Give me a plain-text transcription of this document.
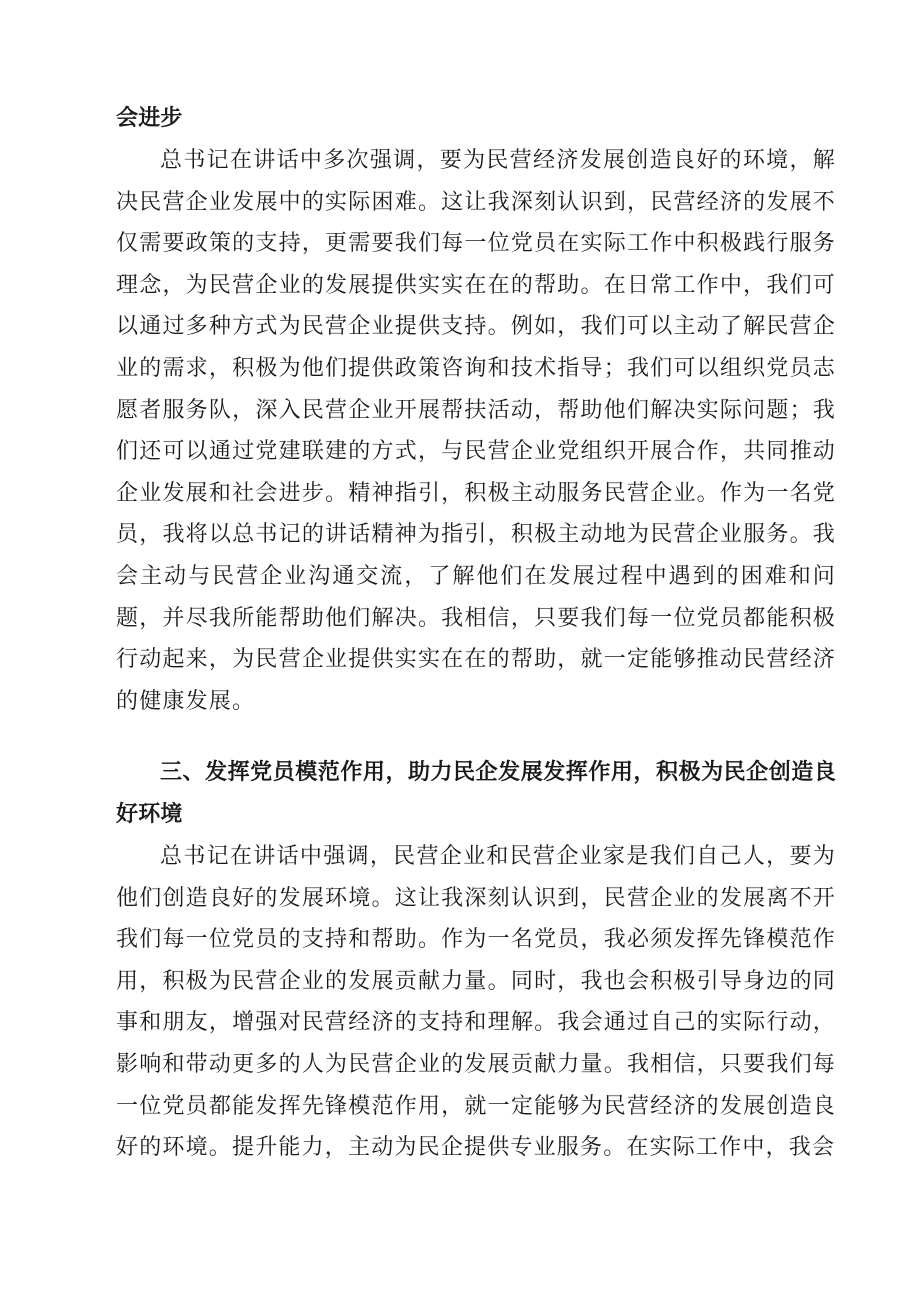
会进步

总书记在讲话中多次强调，要为民营经济发展创造良好的环境，解决民营企业发展中的实际困难。这让我深刻认识到，民营经济的发展不仅需要政策的支持，更需要我们每一位党员在实际工作中积极践行服务理念，为民营企业的发展提供实实在在的帮助。在日常工作中，我们可以通过多种方式为民营企业提供支持。例如，我们可以主动了解民营企业的需求，积极为他们提供政策咨询和技术指导；我们可以组织党员志愿者服务队，深入民营企业开展帮扶活动，帮助他们解决实际问题；我们还可以通过党建联建的方式，与民营企业党组织开展合作，共同推动企业发展和社会进步。精神指引，积极主动服务民营企业。作为一名党员，我将以总书记的讲话精神为指引，积极主动地为民营企业服务。我会主动与民营企业沟通交流，了解他们在发展过程中遇到的困难和问题，并尽我所能帮助他们解决。我相信，只要我们每一位党员都能积极行动起来，为民营企业提供实实在在的帮助，就一定能够推动民营经济的健康发展。

三、发挥党员模范作用，助力民企发展发挥作用，积极为民企创造良好环境

总书记在讲话中强调，民营企业和民营企业家是我们自己人，要为他们创造良好的发展环境。这让我深刻认识到，民营企业的发展离不开我们每一位党员的支持和帮助。作为一名党员，我必须发挥先锋模范作用，积极为民营企业的发展贡献力量。同时，我也会积极引导身边的同事和朋友，增强对民营经济的支持和理解。我会通过自己的实际行动，影响和带动更多的人为民营企业的发展贡献力量。我相信，只要我们每一位党员都能发挥先锋模范作用，就一定能够为民营经济的发展创造良好的环境。提升能力，主动为民企提供专业服务。在实际工作中，我会
